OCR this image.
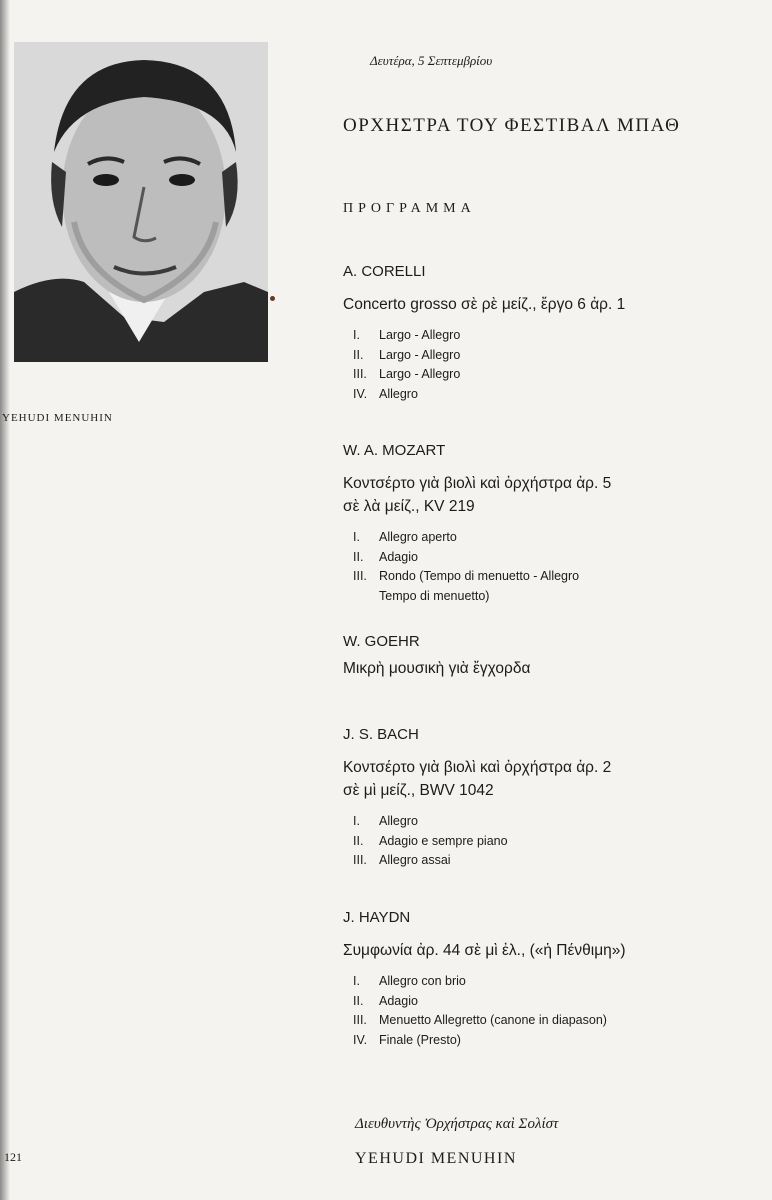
YEHUDI MENUHIN
Δευτέρα, 5 Σεπτεμβρίου
ΟΡΧΗΣΤΡΑ ΤΟΥ ΦΕΣΤΙΒΑΛ ΜΠΑΘ
ΠΡΟΓΡΑΜΜΑ
A. CORELLI
Concerto grosso σὲ ρὲ μείζ., ἔργο 6 ἀρ. 1
I.	Largo - Allegro
II.	Largo - Allegro
III. Largo - Allegro
IV. Allegro
W. A. MOZART
Κοντσέρτο γιὰ βιολὶ καὶ ὀρχήστρα ἀρ. 5
σὲ λὰ μείζ., KV 219
I.	Allegro aperto
II.	Adagio
III. Rondo (Tempo di menuetto - Allegro
Tempo di menuetto)
W. GOEHR
Μικρὴ μουσικὴ γιὰ ἔγχορδα
J. S. BACH
Κοντσέρτο γιὰ βιολὶ καὶ ὀρχήστρα ἀρ. 2
σὲ μὶ μείζ., BWV 1042
I.	Allegro
II.	Adagio e sempre piano
III. Allegro assai
J. HAYDN
Συμφωνία ἀρ. 44 σὲ μὶ ἐλ., («ἡ Πένθιμη»)
I.	Allegro con brio
II.	Adagio
III. Menuetto Allegretto (canone in diapason)
IV. Finale (Presto)
Διευθυντὴς Ὀρχήστρας καὶ Σολίστ
YEHUDI MENUHIN
121
